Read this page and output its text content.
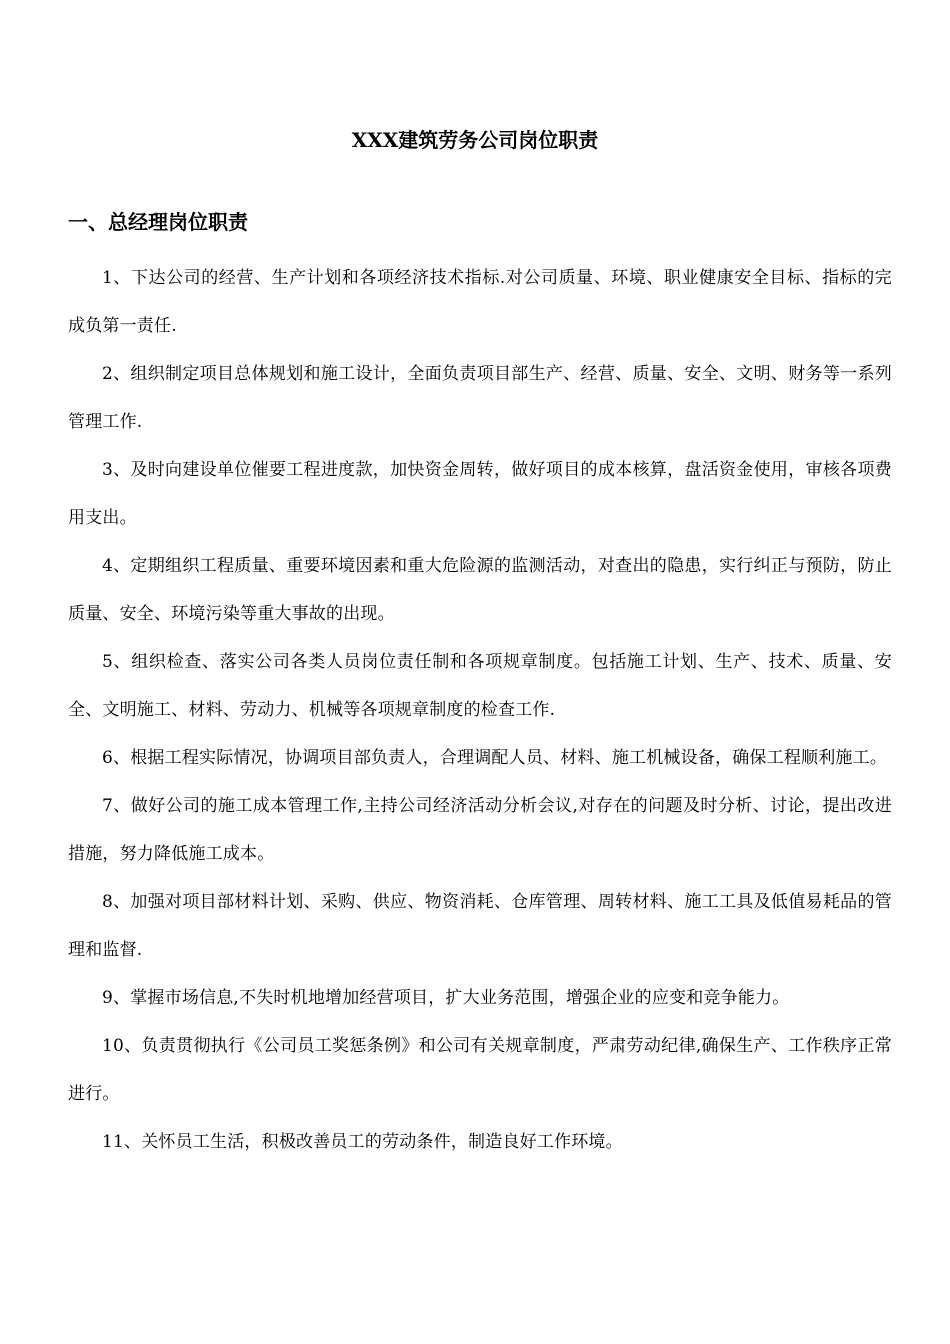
XXX建筑劳务公司岗位职责
一、总经理岗位职责

1、下达公司的经营、生产计划和各项经济技术指标.对公司质量、环境、职业健康安全目标、指标的完成负第一责任.

2、组织制定项目总体规划和施工设计，全面负责项目部生产、经营、质量、安全、文明、财务等一系列管理工作.

3、及时向建设单位催要工程进度款，加快资金周转，做好项目的成本核算，盘活资金使用，审核各项费用支出。

4、定期组织工程质量、重要环境因素和重大危险源的监测活动，对查出的隐患，实行纠正与预防，防止质量、安全、环境污染等重大事故的出现。

5、组织检查、落实公司各类人员岗位责任制和各项规章制度。包括施工计划、生产、技术、质量、安全、文明施工、材料、劳动力、机械等各项规章制度的检查工作.

6、根据工程实际情况，协调项目部负责人，合理调配人员、材料、施工机械设备，确保工程顺利施工。

7、做好公司的施工成本管理工作,主持公司经济活动分析会议,对存在的问题及时分析、讨论，提出改进措施，努力降低施工成本。

8、加强对项目部材料计划、采购、供应、物资消耗、仓库管理、周转材料、施工工具及低值易耗品的管理和监督.

9、掌握市场信息,不失时机地增加经营项目，扩大业务范围，增强企业的应变和竞争能力。

10、负责贯彻执行《公司员工奖惩条例》和公司有关规章制度，严肃劳动纪律,确保生产、工作秩序正常进行。

11、关怀员工生活，积极改善员工的劳动条件，制造良好工作环境。
